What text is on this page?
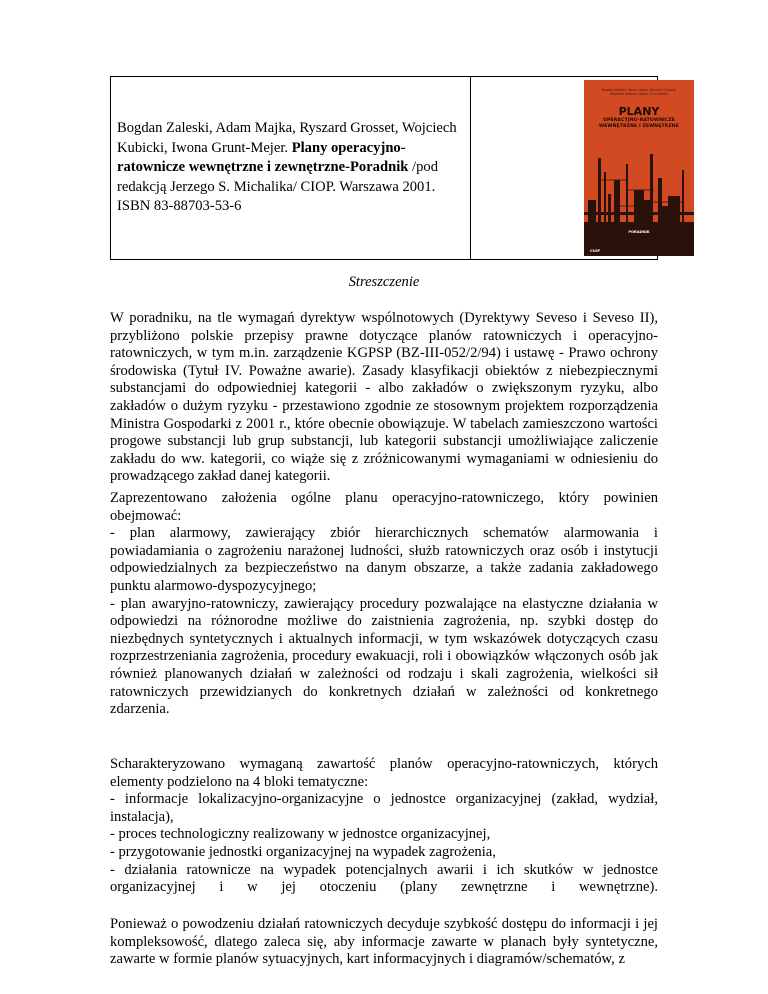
Bogdan Zaleski, Adam Majka, Ryszard Grosset, Wojciech Kubicki, Iwona Grunt-Mejer. Plany operacyjno-ratownicze wewnętrzne i zewnętrzne-Poradnik /pod redakcją Jerzego S. Michalika/ CIOP. Warszawa 2001. ISBN 83-88703-53-6

Bogdan Zaleski, Adam Majka, Ryszard Grosset, Wojciech Kubicki, Iwona Grunt-Mejer
PLANY
OPERACYJNO-RATOWNICZE
WEWNĘTRZNE I ZEWNĘTRZNE
PORADNIK
CIOP
Streszczenie

W poradniku, na tle wymagań dyrektyw wspólnotowych (Dyrektywy Seveso i Seveso II), przybliżono polskie przepisy prawne dotyczące planów ratowniczych i operacyjno-ratowniczych, w tym m.in. zarządzenie KGPSP (BZ-III-052/2/94) i ustawę - Prawo ochrony środowiska (Tytuł IV. Poważne awarie). Zasady klasyfikacji obiektów z niebezpiecznymi substancjami do odpowiedniej kategorii - albo zakładów o zwiększonym ryzyku, albo zakładów o dużym ryzyku - przestawiono zgodnie ze stosownym projektem rozporządzenia Ministra Gospodarki z 2001 r., które obecnie obowiązuje. W tabelach zamieszczono wartości progowe substancji lub grup substancji, lub kategorii substancji umożliwiające zaliczenie zakładu do ww. kategorii, co wiąże się z zróżnicowanymi wymaganiami w odniesieniu do prowadzącego zakład danej kategorii.

Zaprezentowano założenia ogólne planu operacyjno-ratowniczego, który powinien obejmować:
- plan alarmowy, zawierający zbiór hierarchicznych schematów alarmowania i powiadamiania o zagrożeniu narażonej ludności, służb ratowniczych oraz osób i instytucji odpowiedzialnych za bezpieczeństwo na danym obszarze, a także zadania zakładowego punktu alarmowo-dyspozycyjnego;
- plan awaryjno-ratowniczy, zawierający procedury pozwalające na elastyczne działania w odpowiedzi na różnorodne możliwe do zaistnienia zagrożenia, np. szybki dostęp do niezbędnych syntetycznych i aktualnych informacji, w tym wskazówek dotyczących czasu rozprzestrzeniania zagrożenia, procedury ewakuacji, roli i obowiązków włączonych osób jak również planowanych działań w zależności od rodzaju i skali zagrożenia, wielkości sił ratowniczych przewidzianych do konkretnych działań w zależności od konkretnego zdarzenia.
Scharakteryzowano wymaganą zawartość planów operacyjno-ratowniczych, których elementy podzielono na 4 bloki tematyczne:
- informacje lokalizacyjno-organizacyjne o jednostce organizacyjnej (zakład, wydział, instalacja),
- proces technologiczny realizowany w jednostce organizacyjnej,
- przygotowanie jednostki organizacyjnej na wypadek zagrożenia,
- działania ratownicze na wypadek potencjalnych awarii i ich skutków w jednostce organizacyjnej i w jej otoczeniu (plany zewnętrzne i wewnętrzne).

Ponieważ o powodzeniu działań ratowniczych decyduje szybkość dostępu do informacji i jej kompleksowość, dlatego zaleca się, aby informacje zawarte w planach były syntetyczne, zawarte w formie planów sytuacyjnych, kart informacyjnych i diagramów/schematów, z
